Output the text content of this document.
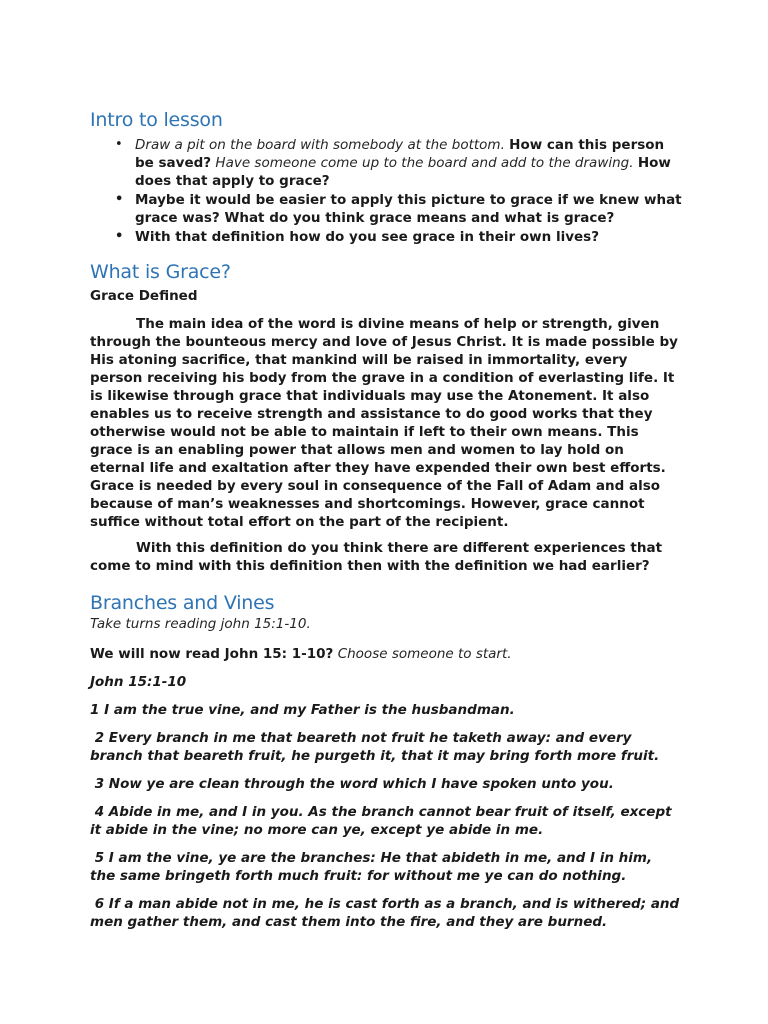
Intro to lesson
• Draw a pit on the board with somebody at the bottom. How can this person be saved? Have someone come up to the board and add to the drawing. How does that apply to grace?
• Maybe it would be easier to apply this picture to grace if we knew what grace was? What do you think grace means and what is grace?
• With that definition how do you see grace in their own lives?
What is Grace?

Grace Defined

The main idea of the word is divine means of help or strength, given through the bounteous mercy and love of Jesus Christ. It is made possible by His atoning sacrifice, that mankind will be raised in immortality, every person receiving his body from the grave in a condition of everlasting life. It is likewise through grace that individuals may use the Atonement. It also enables us to receive strength and assistance to do good works that they otherwise would not be able to maintain if left to their own means. This grace is an enabling power that allows men and women to lay hold on eternal life and exaltation after they have expended their own best efforts. Grace is needed by every soul in consequence of the Fall of Adam and also because of man’s weaknesses and shortcomings. However, grace cannot suffice without total effort on the part of the recipient.

With this definition do you think there are different experiences that come to mind with this definition then with the definition we had earlier?

Branches and Vines

Take turns reading john 15:1-10.

We will now read John 15: 1-10? Choose someone to start.

John 15:1-10

1 I am the true vine, and my Father is the husbandman.

2 Every branch in me that beareth not fruit he taketh away: and every branch that beareth fruit, he purgeth it, that it may bring forth more fruit.

3 Now ye are clean through the word which I have spoken unto you.

4 Abide in me, and I in you. As the branch cannot bear fruit of itself, except it abide in the vine; no more can ye, except ye abide in me.

5 I am the vine, ye are the branches: He that abideth in me, and I in him, the same bringeth forth much fruit: for without me ye can do nothing.

6 If a man abide not in me, he is cast forth as a branch, and is withered; and men gather them, and cast them into the fire, and they are burned.
